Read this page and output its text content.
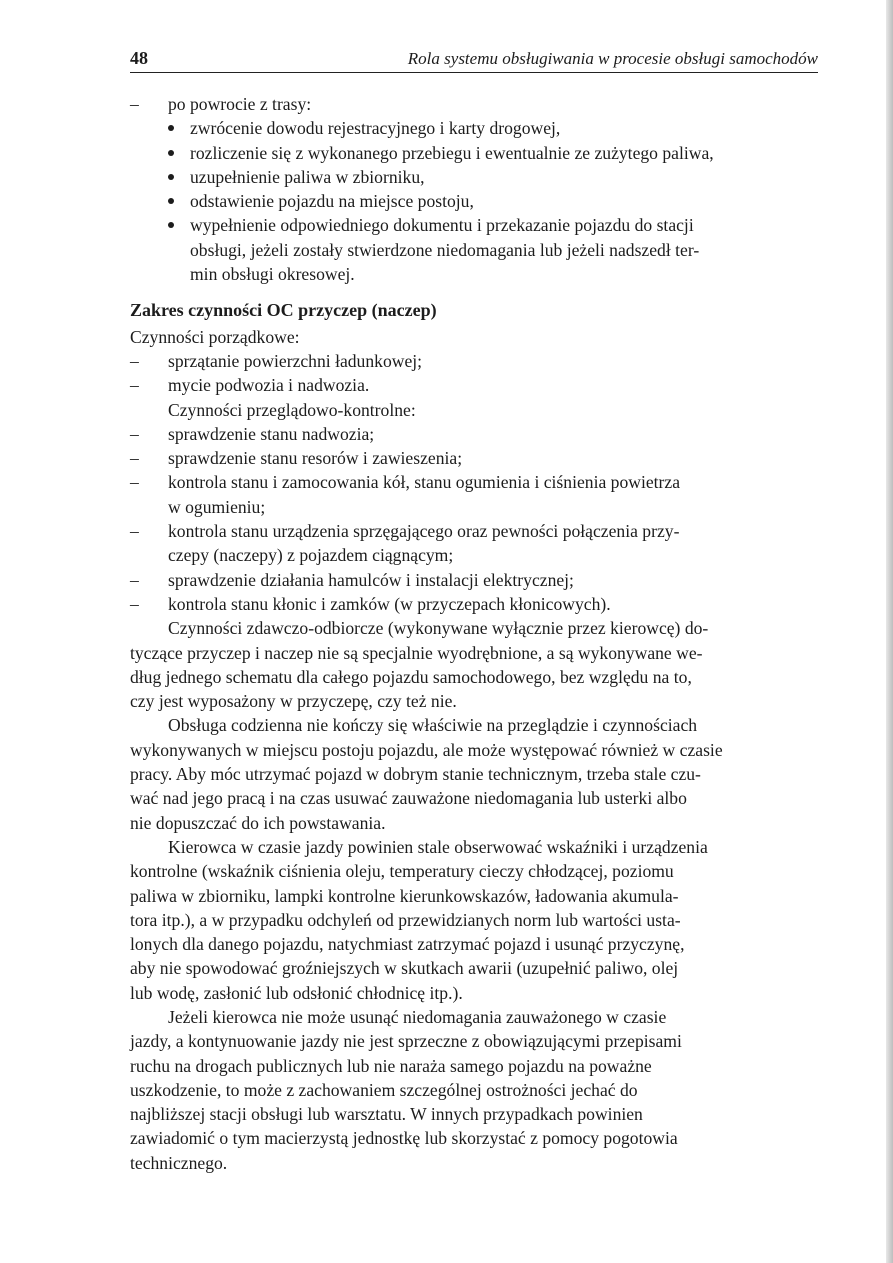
48	Rola systemu obsługiwania w procesie obsługi samochodów
– po powrocie z trasy:
zwrócenie dowodu rejestracyjnego i karty drogowej,
rozliczenie się z wykonanego przebiegu i ewentualnie ze zużytego paliwa,
uzupełnienie paliwa w zbiorniku,
odstawienie pojazdu na miejsce postoju,
wypełnienie odpowiedniego dokumentu i przekazanie pojazdu do stacji
obsługi, jeżeli zostały stwierdzone niedomagania lub jeżeli nadszedł ter-
min obsługi okresowej.
Zakres czynności OC przyczep (naczep)
Czynności porządkowe:
– sprzątanie powierzchni ładunkowej;
– mycie podwozia i nadwozia.
Czynności przeglądowo-kontrolne:
– sprawdzenie stanu nadwozia;
– sprawdzenie stanu resorów i zawieszenia;
– kontrola stanu i zamocowania kół, stanu ogumienia i ciśnienia powietrza
w ogumieniu;
– kontrola stanu urządzenia sprzęgającego oraz pewności połączenia przy-
czepy (naczepy) z pojazdem ciągnącym;
– sprawdzenie działania hamulców i instalacji elektrycznej;
– kontrola stanu kłonic i zamków (w przyczepach kłonicowych).
Czynności zdawczo-odbiorcze (wykonywane wyłącznie przez kierowcę) do-
tyczące przyczep i naczep nie są specjalnie wyodrębnione, a są wykonywane we-
dług jednego schematu dla całego pojazdu samochodowego, bez względu na to,
czy jest wyposażony w przyczepę, czy też nie.
Obsługa codzienna nie kończy się właściwie na przeglądzie i czynnościach
wykonywanych w miejscu postoju pojazdu, ale może występować również w czasie
pracy. Aby móc utrzymać pojazd w dobrym stanie technicznym, trzeba stale czu-
wać nad jego pracą i na czas usuwać zauważone niedomagania lub usterki albo
nie dopuszczać do ich powstawania.
Kierowca w czasie jazdy powinien stale obserwować wskaźniki i urządzenia
kontrolne (wskaźnik ciśnienia oleju, temperatury cieczy chłodzącej, poziomu
paliwa w zbiorniku, lampki kontrolne kierunkowskazów, ładowania akumula-
tora itp.), a w przypadku odchyleń od przewidzianych norm lub wartości usta-
lonych dla danego pojazdu, natychmiast zatrzymać pojazd i usunąć przyczynę,
aby nie spowodować groźniejszych w skutkach awarii (uzupełnić paliwo, olej
lub wodę, zasłonić lub odsłonić chłodnicę itp.).
Jeżeli kierowca nie może usunąć niedomagania zauważonego w czasie
jazdy, a kontynuowanie jazdy nie jest sprzeczne z obowiązującymi przepisami
ruchu na drogach publicznych lub nie naraża samego pojazdu na poważne
uszkodzenie, to może z zachowaniem szczególnej ostrożności jechać do
najbliższej stacji obsługi lub warsztatu. W innych przypadkach powinien
zawiadomić o tym macierzystą jednostkę lub skorzystać z pomocy pogotowia
technicznego.
